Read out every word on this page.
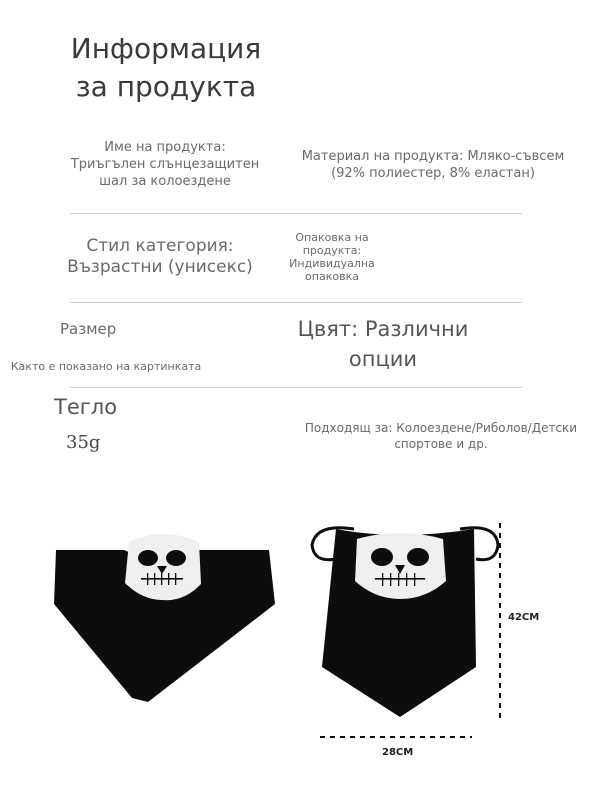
Информация
за продукта
Име на продукта:
Триъгълен слънцезащитен
шал за колоездене
Материал на продукта: Мляко-съвсем
(92% полиестер, 8% еластан)
Стил категория:
Възрастни (унисекс)
Опаковка на
продукта:
Индивидуална
опаковка
Размер
Както е показано на картинката
Цвят: Различни
опции
Тегло
35g
Подходящ за: Колоездене/Риболов/Детски
спортове и др.
42CM
28CM
